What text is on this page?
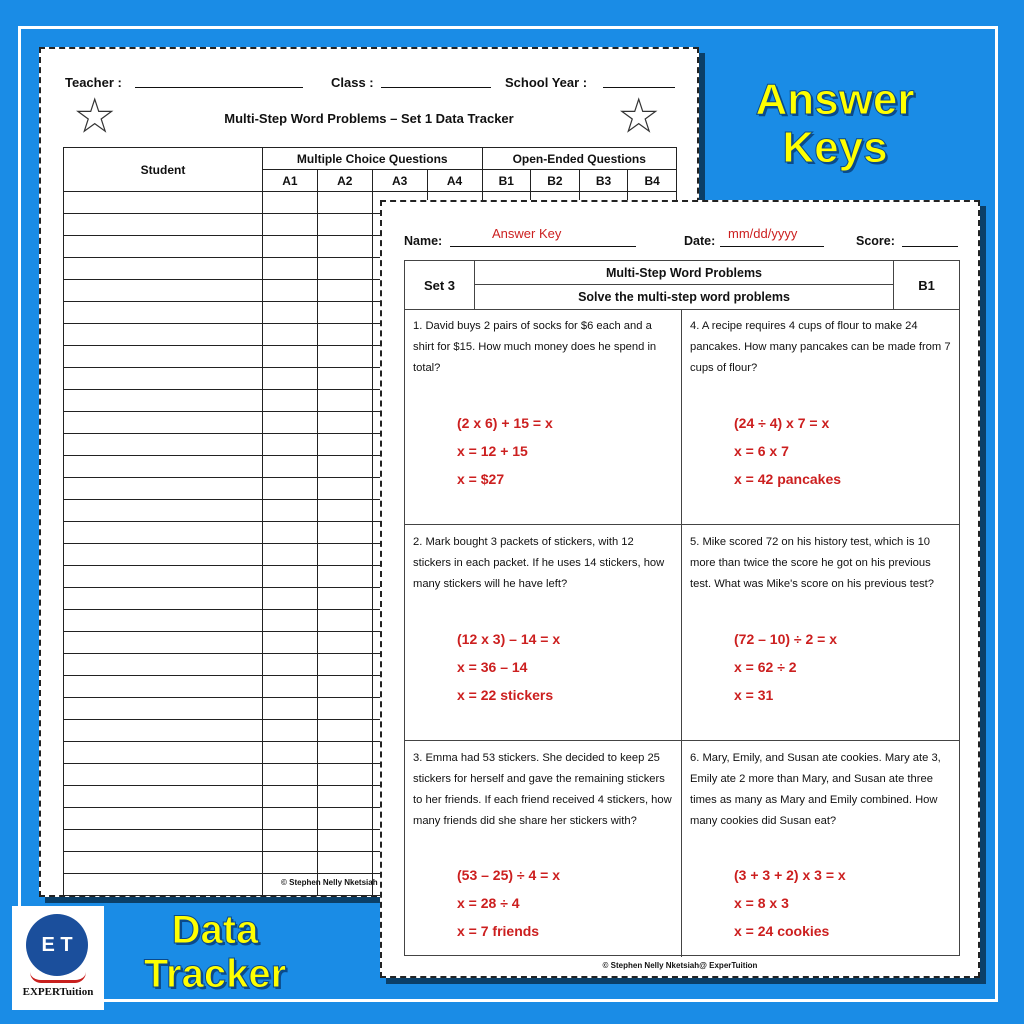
Teacher :	Class :	School Year :
★	★
Multi-Step Word Problems – Set 1 Data Tracker
Student	Multiple Choice Questions				Open-Ended Questions			
	A1	A2	A3	A4	B1	B2	B3	B4

© Stephen Nelly Nketsiah
Name:	Answer Key	Date: mm/dd/yyyy	Score:
Set 3
Multi-Step Word Problems
Solve the multi-step word problems
B1
1. David buys 2 pairs of socks for $6 each and a shirt for $15. How much money does he spend in total?
(2 x 6) + 15 = x
x = 12 + 15
x = $27
4. A recipe requires 4 cups of flour to make 24 pancakes. How many pancakes can be made from 7 cups of flour?
(24 ÷ 4) x 7 = x
x = 6 x 7
x = 42 pancakes
2. Mark bought 3 packets of stickers, with 12 stickers in each packet. If he uses 14 stickers, how many stickers will he have left?
(12 x 3) – 14 = x
x = 36 – 14
x = 22 stickers
5. Mike scored 72 on his history test, which is 10 more than twice the score he got on his previous test. What was Mike's score on his previous test?
(72 – 10) ÷ 2 = x
x = 62 ÷ 2
x = 31
3. Emma had 53 stickers. She decided to keep 25 stickers for herself and gave the remaining stickers to her friends. If each friend received 4 stickers, how many friends did she share her stickers with?
(53 – 25) ÷ 4 = x
x = 28 ÷ 4
x = 7 friends
6. Mary, Emily, and Susan ate cookies. Mary ate 3, Emily ate 2 more than Mary, and Susan ate three times as many as Mary and Emily combined. How many cookies did Susan eat?
(3 + 3 + 2) x 3 = x
x = 8 x 3
x = 24 cookies
© Stephen Nelly Nketsiah@ ExperTuition
Answer
Keys
Data
Tracker
E T
EXPERTuition
